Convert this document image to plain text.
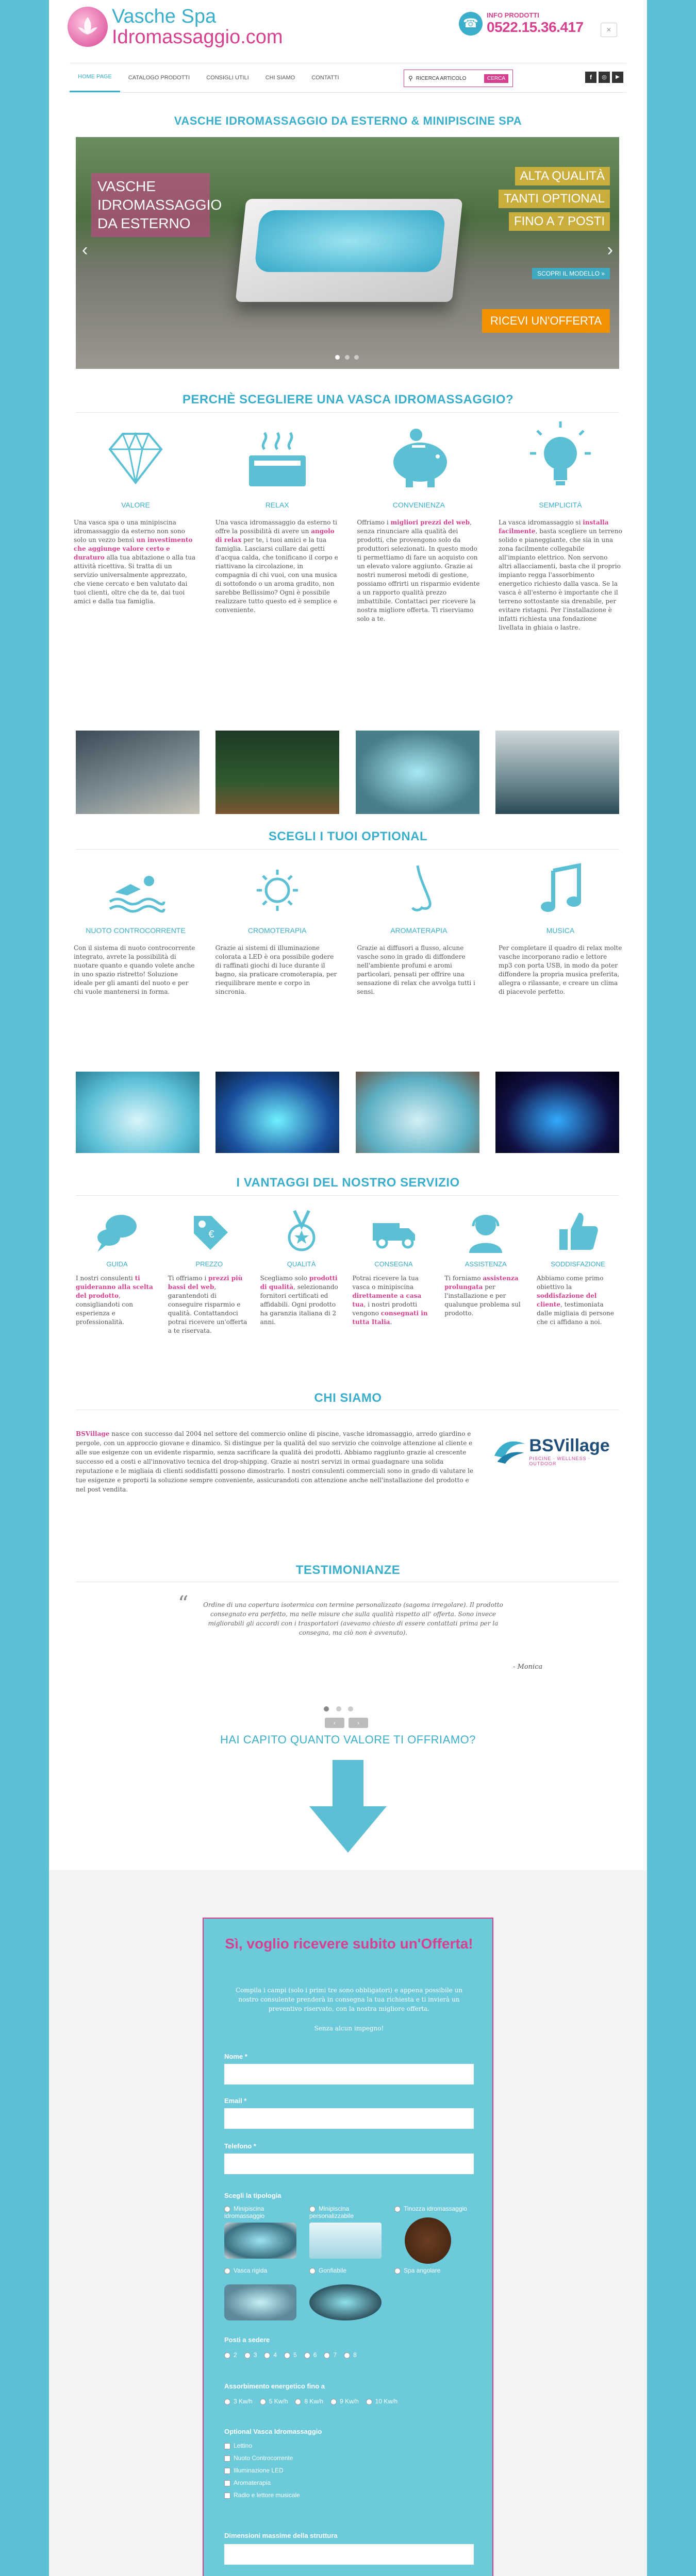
Vasche Spa
Idromassaggio.com
☎
INFO PRODOTTI
0522.15.36.417	✕
HOME PAGE	CATALOGO PRODOTTI	CONSIGLI UTILI	CHI SIAMO	CONTATTI	⚲ RICERCA ARTICOLO	CERCA	f	◎	▶
VASCHE IDROMASSAGGIO DA ESTERNO & MINIPISCINE SPA
VASCHE IDROMASSAGGIO DA ESTERNO
ALTA QUALITÀ
TANTI OPTIONAL
FINO A 7 POSTI
SCOPRI IL MODELLO »
RICEVI UN'OFFERTA
‹	›

PERCHÈ SCEGLIERE UNA VASCA IDROMASSAGGIO?
VALORE
Una vasca spa o una minipiscina idromassaggio da esterno non sono solo un vezzo bensì un investimento che aggiunge valore certo e duraturo alla tua abitazione o alla tua attività ricettiva. Si tratta di un servizio universalmente apprezzato, che viene cercato e ben valutato dai tuoi clienti, oltre che da te, dai tuoi amici e dalla tua famiglia.
RELAX
Una vasca idromassaggio da esterno ti offre la possibilità di avere un angolo di relax per te, i tuoi amici e la tua famiglia. Lasciarsi cullare dai getti d'acqua calda, che tonificano il corpo e riattivano la circolazione, in compagnia di chi vuoi, con una musica di sottofondo o un aroma gradito, non sarebbe Bellissimo? Ogni è possibile realizzare tutto questo ed è semplice e conveniente.
CONVENIENZA
Offriamo i migliori prezzi del web, senza rinunciare alla qualità dei prodotti, che provengono solo da produttori selezionati. In questo modo ti permettiamo di fare un acquisto con un elevato valore aggiunto. Grazie ai nostri numerosi metodi di gestione, possiamo offrirti un risparmio evidente a un rapporto qualità prezzo imbattibile. Contattaci per ricevere la nostra migliore offerta. Ti riserviamo solo a te.
SEMPLICITÀ
La vasca idromassaggio si installa facilmente, basta scegliere un terreno solido e pianeggiante, che sia in una zona facilmente collegabile all'impianto elettrico. Non servono altri allacciamenti, basta che il proprio impianto regga l'assorbimento energetico richiesto dalla vasca. Se la vasca è all'esterno è importante che il terreno sottostante sia drenabile, per evitare ristagni. Per l'installazione è infatti richiesta una fondazione livellata in ghiaia o lastre.
SCEGLI I TUOI OPTIONAL
NUOTO CONTROCORRENTE
Con il sistema di nuoto controcorrente integrato, avrete la possibilità di nuotare quanto e quando volete anche in uno spazio ristretto! Soluzione ideale per gli amanti del nuoto e per chi vuole mantenersi in forma.
CROMOTERAPIA
Grazie ai sistemi di illuminazione colorata a LED è ora possibile godere di raffinati giochi di luce durante il bagno, sia praticare cromoterapia, per riequilibrare mente e corpo in sincronia.
AROMATERAPIA
Grazie ai diffusori a flusso, alcune vasche sono in grado di diffondere nell'ambiente profumi e aromi particolari, pensati per offrire una sensazione di relax che avvolga tutti i sensi.
MUSICA
Per completare il quadro di relax molte vasche incorporano radio e lettore mp3 con porta USB, in modo da poter diffondere la propria musica preferita, allegra o rilassante, e creare un clima di piacevole perfetto.
I VANTAGGI DEL NOSTRO SERVIZIO
GUIDA
I nostri consulenti ti guideranno alla scelta del prodotto, consigliandoti con esperienza e professionalità.
€
PREZZO
Ti offriamo i prezzi più bassi del web, garantendoti di conseguire risparmio e qualità. Contattandoci potrai ricevere un'offerta a te riservata.
QUALITÀ
Scegliamo solo prodotti di qualità, selezionando fornitori certificati ed affidabili. Ogni prodotto ha garanzia italiana di 2 anni.
CONSEGNA
Potrai ricevere la tua vasca o minipiscina direttamente a casa tua, i nostri prodotti vengono consegnati in tutta Italia.
ASSISTENZA
Ti forniamo assistenza prolungata per l'installazione e per qualunque problema sul prodotto.
SODDISFAZIONE
Abbiamo come primo obiettivo la soddisfazione del cliente, testimoniata dalle migliaia di persone che ci affidano a noi.
CHI SIAMO
BSVillage nasce con successo dal 2004 nel settore del commercio online di piscine, vasche idromassaggio, arredo giardino e pergole, con un approccio giovane e dinamico. Si distingue per la qualità del suo servizio che coinvolge attenzione al cliente e alle sue esigenze con un evidente risparmio, senza sacrificare la qualità dei prodotti. Abbiamo raggiunto grazie al crescente successo ed a costi e all'innovativo tecnica del drop-shipping. Grazie ai nostri servizi in ormai guadagnare una solida reputazione e le migliaia di clienti soddisfatti possono dimostrarlo. I nostri consulenti commerciali sono in grado di valutare le tue esigenze e proporti la soluzione sempre conveniente, assicurandoti con attenzione anche nell'installazione del prodotto e nel post vendita.
BSVillage
PISCINE · WELLNESS · OUTDOOR
TESTIMONIANZE
“	Ordine di una copertura isotermica con termine personalizzato (sagoma irregolare). Il prodotto consegnato era perfetto, ma nelle misure che sulla qualità rispetto all' offerta. Sono invece migliorabili gli accordi con i trasportatori (avevamo chiesto di essere contattati prima per la consegna, ma ciò non è avvenuto).
- Monica

‹	›
HAI CAPITO QUANTO VALORE TI OFFRIAMO?
Sì, voglio ricevere subito un'Offerta!
Compila i campi (solo i primi tre sono obbligatori) e appena possibile un nostro consulente prenderà in consegna la tua richiesta e ti invierà un preventivo riservato, con la nostra migliore offerta.
Senza alcun impegno!
Nome *
Email *
Telefono *
Scegli la tipologia
Minipiscina idromassaggio
Minipiscina personalizzabile
Tinozza idromassaggio
Vasca rigida	Gonfiabile	Spa angolare
Posti a sedere
2	3	4	5	6	7	8
Assorbimento energetico fino a
3 Kw/h	5 Kw/h	8 Kw/h	9 Kw/h	10 Kw/h
Optional Vasca Idromassaggio
Lettino
Nuoto Controcorrente
Illuminazione LED
Aromaterapia
Radio e lettore musicale
Dimensioni massime della struttura
